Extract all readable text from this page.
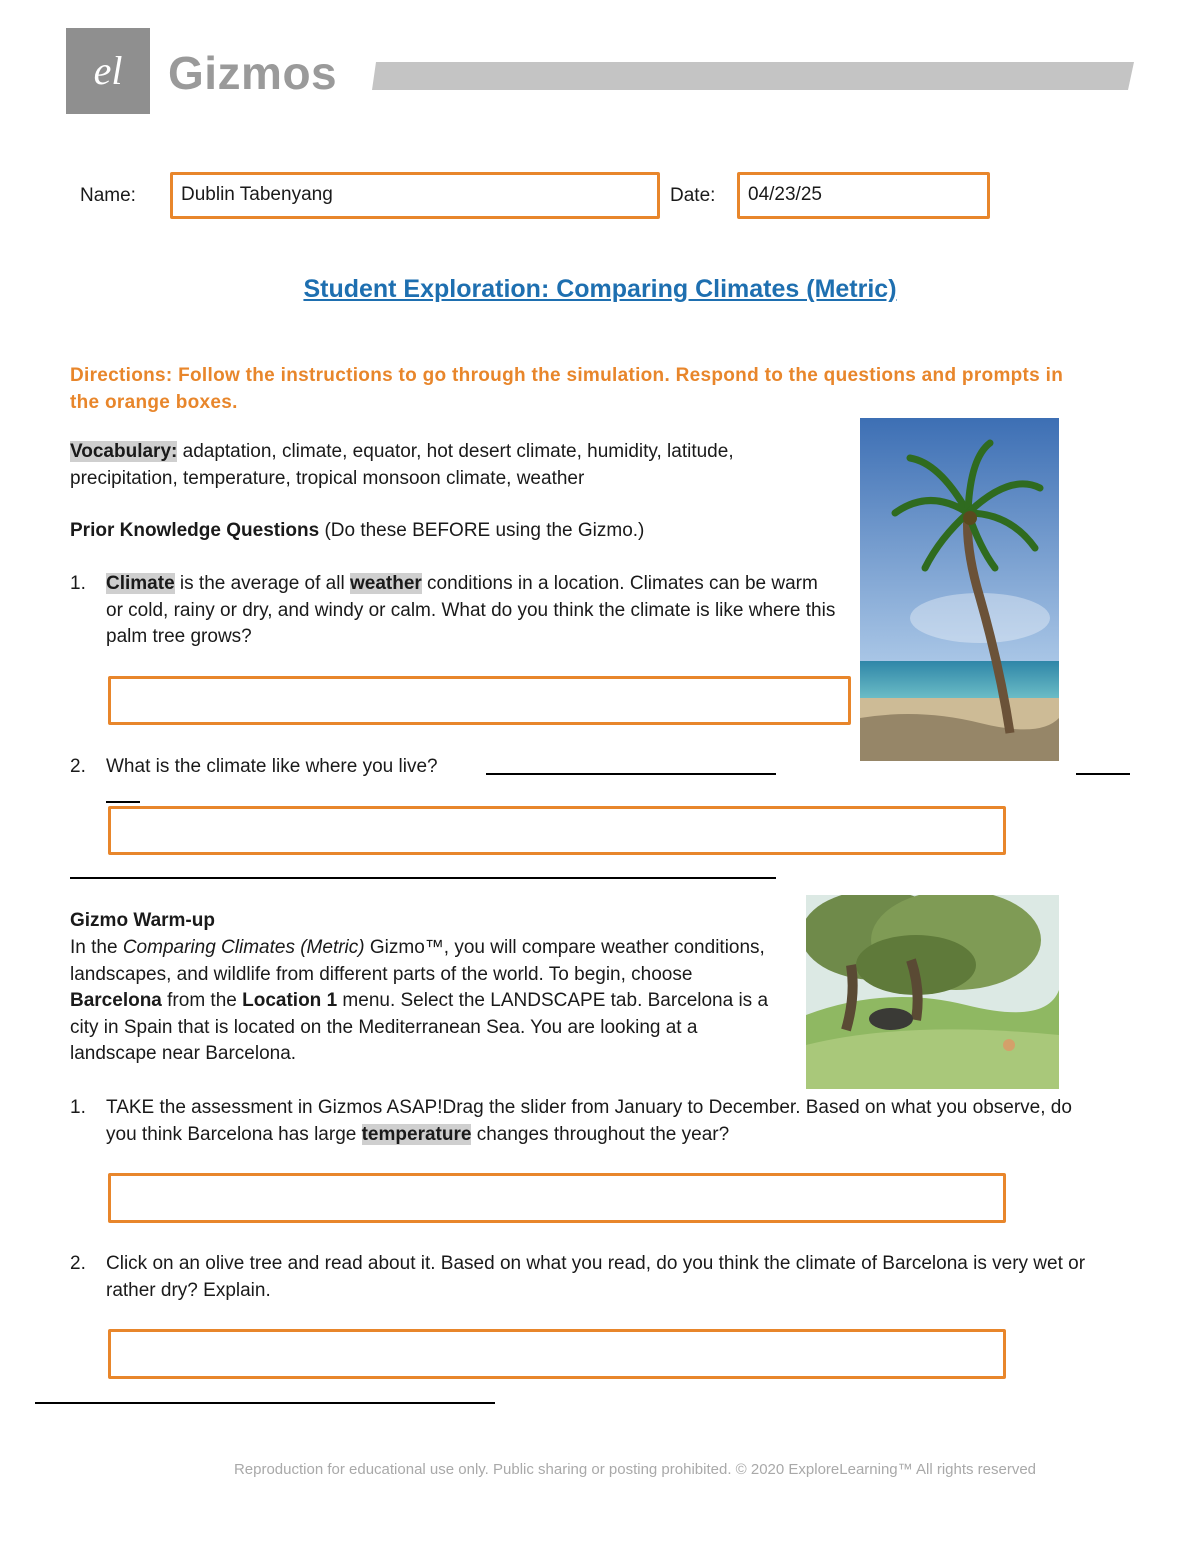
el Gizmos
Name:	Dublin Tabenyang	Date:	04/23/25
Student Exploration: Comparing Climates (Metric)
Directions: Follow the instructions to go through the simulation. Respond to the questions and prompts in the orange boxes.
Vocabulary: adaptation, climate, equator, hot desert climate, humidity, latitude, precipitation, temperature, tropical monsoon climate, weather
Prior Knowledge Questions (Do these BEFORE using the Gizmo.)
1.	Climate is the average of all weather conditions in a location. Climates can be warm or cold, rainy or dry, and windy or calm. What do you think the climate is like where this palm tree grows?
2.	What is the climate like where you live?
Gizmo Warm-up
In the Comparing Climates (Metric) Gizmo™, you will compare weather conditions, landscapes, and wildlife from different parts of the world. To begin, choose Barcelona from the Location 1 menu. Select the LANDSCAPE tab. Barcelona is a city in Spain that is located on the Mediterranean Sea. You are looking at a landscape near Barcelona.
1.	TAKE the assessment in Gizmos ASAP!Drag the slider from January to December. Based on what you observe, do you think Barcelona has large temperature changes throughout the year?
2.	Click on an olive tree and read about it. Based on what you read, do you think the climate of Barcelona is very wet or rather dry? Explain.
Reproduction for educational use only. Public sharing or posting prohibited. © 2020 ExploreLearning™ All rights reserved
